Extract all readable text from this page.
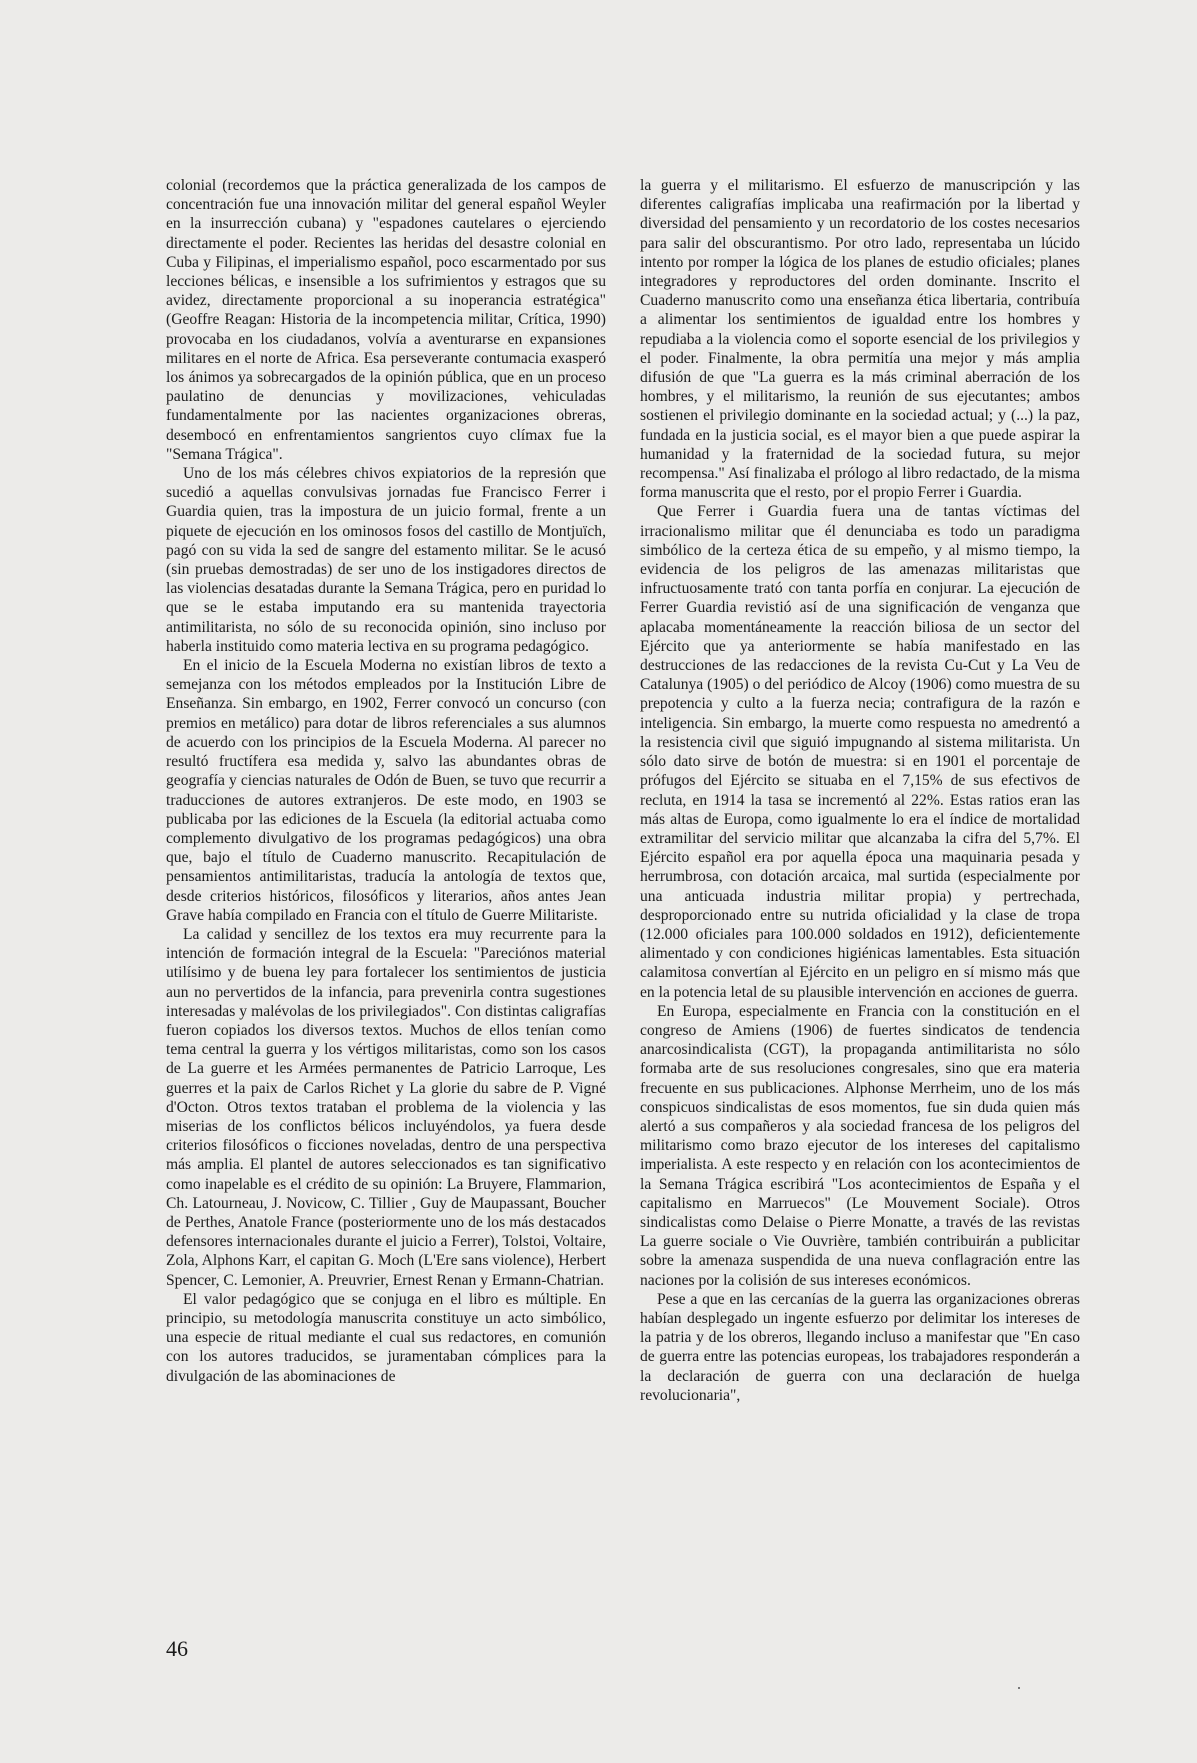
colonial (recordemos que la práctica generalizada de los campos de concentración fue una innovación militar del general español Weyler en la insurrección cubana) y "espadones cautelares o ejerciendo directamente el poder. Recientes las heridas del desastre colonial en Cuba y Filipinas, el imperialismo español, poco escarmentado por sus lecciones bélicas, e insensible a los sufrimientos y estragos que su avidez, directamente proporcional a su inoperancia estratégica" (Geoffre Reagan: Historia de la incompetencia militar, Crítica, 1990) provocaba en los ciudadanos, volvía a aventurarse en expansiones militares en el norte de Africa. Esa perseverante contumacia exasperó los ánimos ya sobrecargados de la opinión pública, que en un proceso paulatino de denuncias y movilizaciones, vehiculadas fundamentalmente por las nacientes organizaciones obreras, desembocó en enfrentamientos sangrientos cuyo clímax fue la "Semana Trágica".

Uno de los más célebres chivos expiatorios de la represión que sucedió a aquellas convulsivas jornadas fue Francisco Ferrer i Guardia quien, tras la impostura de un juicio formal, frente a un piquete de ejecución en los ominosos fosos del castillo de Montjuïch, pagó con su vida la sed de sangre del estamento militar. Se le acusó (sin pruebas demostradas) de ser uno de los instigadores directos de las violencias desatadas durante la Semana Trágica, pero en puridad lo que se le estaba imputando era su mantenida trayectoria antimilitarista, no sólo de su reconocida opinión, sino incluso por haberla instituido como materia lectiva en su programa pedagógico.

En el inicio de la Escuela Moderna no existían libros de texto a semejanza con los métodos empleados por la Institución Libre de Enseñanza. Sin embargo, en 1902, Ferrer convocó un concurso (con premios en metálico) para dotar de libros referenciales a sus alumnos de acuerdo con los principios de la Escuela Moderna. Al parecer no resultó fructífera esa medida y, salvo las abundantes obras de geografía y ciencias naturales de Odón de Buen, se tuvo que recurrir a traducciones de autores extranjeros. De este modo, en 1903 se publicaba por las ediciones de la Escuela (la editorial actuaba como complemento divulgativo de los programas pedagógicos) una obra que, bajo el título de Cuaderno manuscrito. Recapitulación de pensamientos antimilitaristas, traducía la antología de textos que, desde criterios históricos, filosóficos y literarios, años antes Jean Grave había compilado en Francia con el título de Guerre Militariste.

La calidad y sencillez de los textos era muy recurrente para la intención de formación integral de la Escuela: "Pareciónos material utilísimo y de buena ley para fortalecer los sentimientos de justicia aun no pervertidos de la infancia, para prevenirla contra sugestiones interesadas y malévolas de los privilegiados". Con distintas caligrafías fueron copiados los diversos textos. Muchos de ellos tenían como tema central la guerra y los vértigos militaristas, como son los casos de La guerre et les Armées permanentes de Patricio Larroque, Les guerres et la paix de Carlos Richet y La glorie du sabre de P. Vigné d'Octon. Otros textos trataban el problema de la violencia y las miserias de los conflictos bélicos incluyéndolos, ya fuera desde criterios filosóficos o ficciones noveladas, dentro de una perspectiva más amplia. El plantel de autores seleccionados es tan significativo como inapelable es el crédito de su opinión: La Bruyere, Flammarion, Ch. Latourneau, J. Novicow, C. Tillier , Guy de Maupassant, Boucher de Perthes, Anatole France (posteriormente uno de los más destacados defensores internacionales durante el juicio a Ferrer), Tolstoi, Voltaire, Zola, Alphons Karr, el capitan G. Moch (L'Ere sans violence), Herbert Spencer, C. Lemonier, A. Preuvrier, Ernest Renan y Ermann-Chatrian.

El valor pedagógico que se conjuga en el libro es múltiple. En principio, su metodología manuscrita constituye un acto simbólico, una especie de ritual mediante el cual sus redactores, en comunión con los autores traducidos, se juramentaban cómplices para la divulgación de las abominaciones de

la guerra y el militarismo. El esfuerzo de manuscripción y las diferentes caligrafías implicaba una reafirmación por la libertad y diversidad del pensamiento y un recordatorio de los costes necesarios para salir del obscurantismo. Por otro lado, representaba un lúcido intento por romper la lógica de los planes de estudio oficiales; planes integradores y reproductores del orden dominante. Inscrito el Cuaderno manuscrito como una enseñanza ética libertaria, contribuía a alimentar los sentimientos de igualdad entre los hombres y repudiaba a la violencia como el soporte esencial de los privilegios y el poder. Finalmente, la obra permitía una mejor y más amplia difusión de que "La guerra es la más criminal aberración de los hombres, y el militarismo, la reunión de sus ejecutantes; ambos sostienen el privilegio dominante en la sociedad actual; y (...) la paz, fundada en la justicia social, es el mayor bien a que puede aspirar la humanidad y la fraternidad de la sociedad futura, su mejor recompensa." Así finalizaba el prólogo al libro redactado, de la misma forma manuscrita que el resto, por el propio Ferrer i Guardia.

Que Ferrer i Guardia fuera una de tantas víctimas del irracionalismo militar que él denunciaba es todo un paradigma simbólico de la certeza ética de su empeño, y al mismo tiempo, la evidencia de los peligros de las amenazas militaristas que infructuosamente trató con tanta porfía en conjurar. La ejecución de Ferrer Guardia revistió así de una significación de venganza que aplacaba momentáneamente la reacción biliosa de un sector del Ejército que ya anteriormente se había manifestado en las destrucciones de las redacciones de la revista Cu-Cut y La Veu de Catalunya (1905) o del periódico de Alcoy (1906) como muestra de su prepotencia y culto a la fuerza necia; contrafigura de la razón e inteligencia. Sin embargo, la muerte como respuesta no amedrentó a la resistencia civil que siguió impugnando al sistema militarista. Un sólo dato sirve de botón de muestra: si en 1901 el porcentaje de prófugos del Ejército se situaba en el 7,15% de sus efectivos de recluta, en 1914 la tasa se incrementó al 22%. Estas ratios eran las más altas de Europa, como igualmente lo era el índice de mortalidad extramilitar del servicio militar que alcanzaba la cifra del 5,7%. El Ejército español era por aquella época una maquinaria pesada y herrumbrosa, con dotación arcaica, mal surtida (especialmente por una anticuada industria militar propia) y pertrechada, desproporcionado entre su nutrida oficialidad y la clase de tropa (12.000 oficiales para 100.000 soldados en 1912), deficientemente alimentado y con condiciones higiénicas lamentables. Esta situación calamitosa convertían al Ejército en un peligro en sí mismo más que en la potencia letal de su plausible intervención en acciones de guerra.

En Europa, especialmente en Francia con la constitución en el congreso de Amiens (1906) de fuertes sindicatos de tendencia anarcosindicalista (CGT), la propaganda antimilitarista no sólo formaba arte de sus resoluciones congresales, sino que era materia frecuente en sus publicaciones. Alphonse Merrheim, uno de los más conspicuos sindicalistas de esos momentos, fue sin duda quien más alertó a sus compañeros y ala sociedad francesa de los peligros del militarismo como brazo ejecutor de los intereses del capitalismo imperialista. A este respecto y en relación con los acontecimientos de la Semana Trágica escribirá "Los acontecimientos de España y el capitalismo en Marruecos" (Le Mouvement Sociale). Otros sindicalistas como Delaise o Pierre Monatte, a través de las revistas La guerre sociale o Vie Ouvrière, también contribuirán a publicitar sobre la amenaza suspendida de una nueva conflagración entre las naciones por la colisión de sus intereses económicos.

Pese a que en las cercanías de la guerra las organizaciones obreras habían desplegado un ingente esfuerzo por delimitar los intereses de la patria y de los obreros, llegando incluso a manifestar que "En caso de guerra entre las potencias europeas, los trabajadores responderán a la declaración de guerra con una declaración de huelga revolucionaria",

46
